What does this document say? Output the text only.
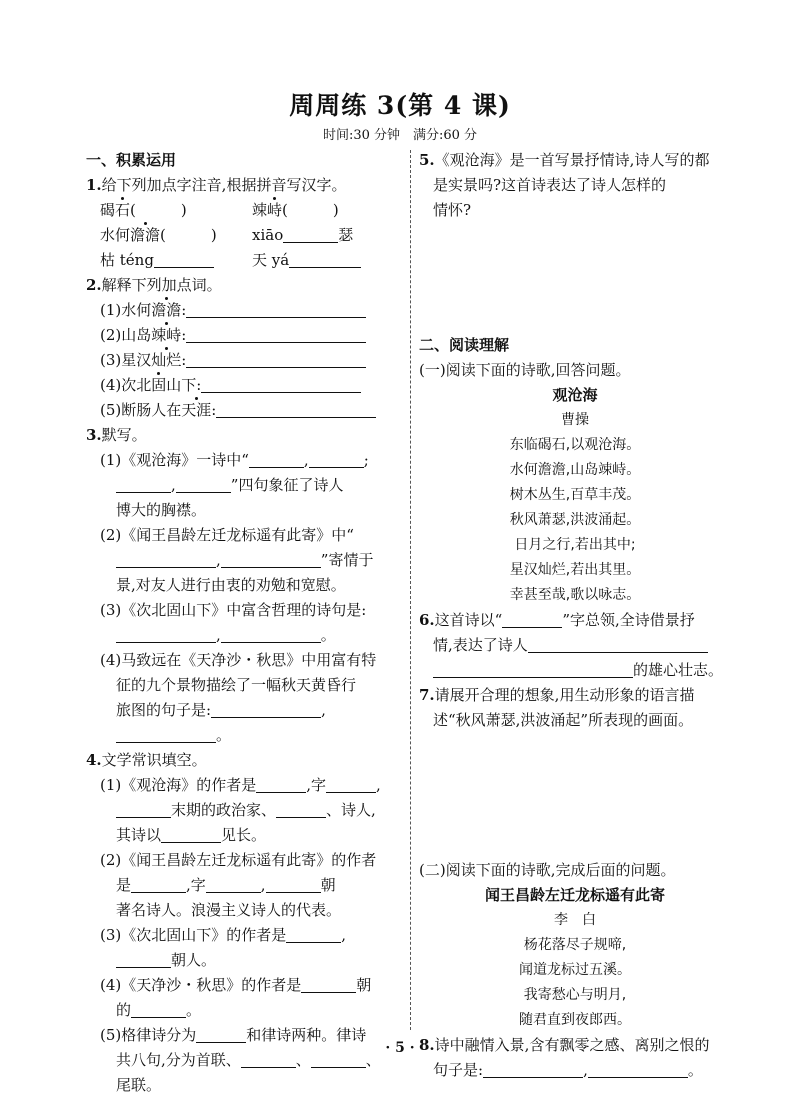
周周练 3(第 4 课)
时间:30 分钟　满分:60 分
一、积累运用
1.给下列加点字注音,根据拼音写汉字。
碣石(　　　)	竦峙(　　　)
水何澹澹(　　　)	xiāo	瑟
枯 téng	天 yá
2.解释下列加点词。
(1)水何澹澹:
(2)山岛竦峙:
(3)星汉灿烂:
(4)次北固山下:
(5)断肠人在天涯:
3.默写。
(1)《观沧海》一诗中“	,	;
,	”四句象征了诗人
博大的胸襟。
(2)《闻王昌龄左迁龙标遥有此寄》中“
,	”寄情于
景,对友人进行由衷的劝勉和宽慰。
(3)《次北固山下》中富含哲理的诗句是:
,	。
(4)马致远在《天净沙・秋思》中用富有特
征的九个景物描绘了一幅秋天黄昏行
旅图的句子是:	,
。
4.文学常识填空。
(1)《观沧海》的作者是	,字	,
末期的政治家、	、诗人,
其诗以	见长。
(2)《闻王昌龄左迁龙标遥有此寄》的作者
是	,字	,	朝
著名诗人。浪漫主义诗人的代表。
(3)《次北固山下》的作者是	,
朝人。
(4)《天净沙・秋思》的作者是	朝
的	。
(5)格律诗分为	和律诗两种。律诗
共八句,分为首联、	、	、
尾联。
5.《观沧海》是一首写景抒情诗,诗人写的都
是实景吗?这首诗表达了诗人怎样的
情怀?
二、阅读理解
(一)阅读下面的诗歌,回答问题。
观沧海
曹操
东临碣石,以观沧海。
水何澹澹,山岛竦峙。
树木丛生,百草丰茂。
秋风萧瑟,洪波涌起。
日月之行,若出其中;
星汉灿烂,若出其里。
幸甚至哉,歌以咏志。
6.这首诗以“	”字总领,全诗借景抒
情,表达了诗人
的雄心壮志。
7.请展开合理的想象,用生动形象的语言描
述“秋风萧瑟,洪波涌起”所表现的画面。
(二)阅读下面的诗歌,完成后面的问题。
闻王昌龄左迁龙标遥有此寄
李　白
杨花落尽子规啼,
闻道龙标过五溪。
我寄愁心与明月,
随君直到夜郎西。
8.诗中融情入景,含有飘零之感、离别之恨的
句子是:	,	。
· 5 ·
